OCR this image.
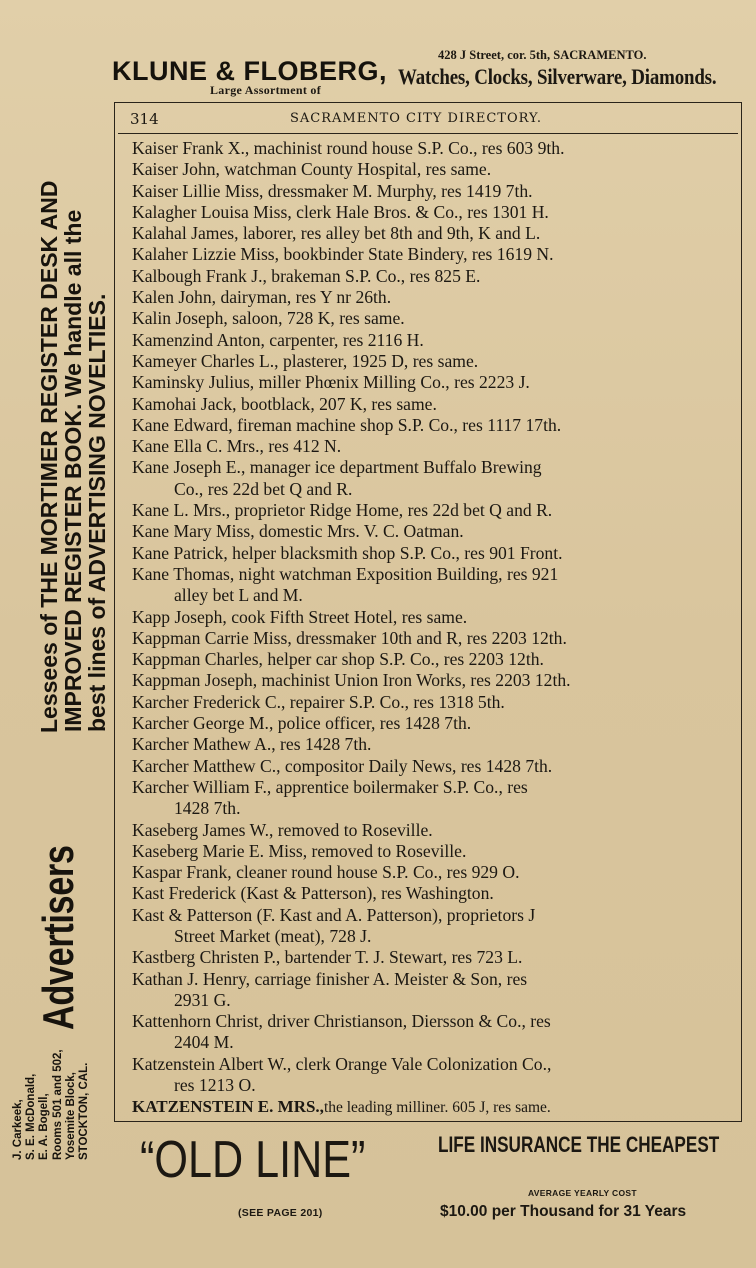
KLUNE & FLOBERG,
Large Assortment of
428 J Street, cor. 5th, SACRAMENTO.
Watches, Clocks, Silverware, Diamonds.
Advertisers
Lessees of THE MORTIMER REGISTER DESK AND
IMPROVED REGISTER BOOK. We handle all the
best lines of ADVERTISING NOVELTIES.
J. Carkeek, S. E. McDonald, E. A. Bogell, Rooms 501 and 502, Yosemite Block, STOCKTON, CAL.
314	SACRAMENTO CITY DIRECTORY.
Kaiser Frank X., machinist round house S.P. Co., res 603 9th.
Kaiser John, watchman County Hospital, res same.
Kaiser Lillie Miss, dressmaker M. Murphy, res 1419 7th.
Kalagher Louisa Miss, clerk Hale Bros. & Co., res 1301 H.
Kalahal James, laborer, res alley bet 8th and 9th, K and L.
Kalaher Lizzie Miss, bookbinder State Bindery, res 1619 N.
Kalbough Frank J., brakeman S.P. Co., res 825 E.
Kalen John, dairyman, res Y nr 26th.
Kalin Joseph, saloon, 728 K, res same.
Kamenzind Anton, carpenter, res 2116 H.
Kameyer Charles L., plasterer, 1925 D, res same.
Kaminsky Julius, miller Phœnix Milling Co., res 2223 J.
Kamohai Jack, bootblack, 207 K, res same.
Kane Edward, fireman machine shop S.P. Co., res 1117 17th.
Kane Ella C. Mrs., res 412 N.
Kane Joseph E., manager ice department Buffalo Brewing
Co., res 22d bet Q and R.
Kane L. Mrs., proprietor Ridge Home, res 22d bet Q and R.
Kane Mary Miss, domestic Mrs. V. C. Oatman.
Kane Patrick, helper blacksmith shop S.P. Co., res 901 Front.
Kane Thomas, night watchman Exposition Building, res 921
alley bet L and M.
Kapp Joseph, cook Fifth Street Hotel, res same.
Kappman Carrie Miss, dressmaker 10th and R, res 2203 12th.
Kappman Charles, helper car shop S.P. Co., res 2203 12th.
Kappman Joseph, machinist Union Iron Works, res 2203 12th.
Karcher Frederick C., repairer S.P. Co., res 1318 5th.
Karcher George M., police officer, res 1428 7th.
Karcher Mathew A., res 1428 7th.
Karcher Matthew C., compositor Daily News, res 1428 7th.
Karcher William F., apprentice boilermaker S.P. Co., res
1428 7th.
Kaseberg James W., removed to Roseville.
Kaseberg Marie E. Miss, removed to Roseville.
Kaspar Frank, cleaner round house S.P. Co., res 929 O.
Kast Frederick (Kast & Patterson), res Washington.
Kast & Patterson (F. Kast and A. Patterson), proprietors J
Street Market (meat), 728 J.
Kastberg Christen P., bartender T. J. Stewart, res 723 L.
Kathan J. Henry, carriage finisher A. Meister & Son, res
2931 G.
Kattenhorn Christ, driver Christianson, Diersson & Co., res
2404 M.
Katzenstein Albert W., clerk Orange Vale Colonization Co.,
res 1213 O.
KATZENSTEIN E. MRS.,the leading milliner. 605 J, res same.
“OLD LINE”	LIFE INSURANCE THE CHEAPEST
AVERAGE YEARLY COST
(SEE PAGE 201)	$10.00 per Thousand for 31 Years
